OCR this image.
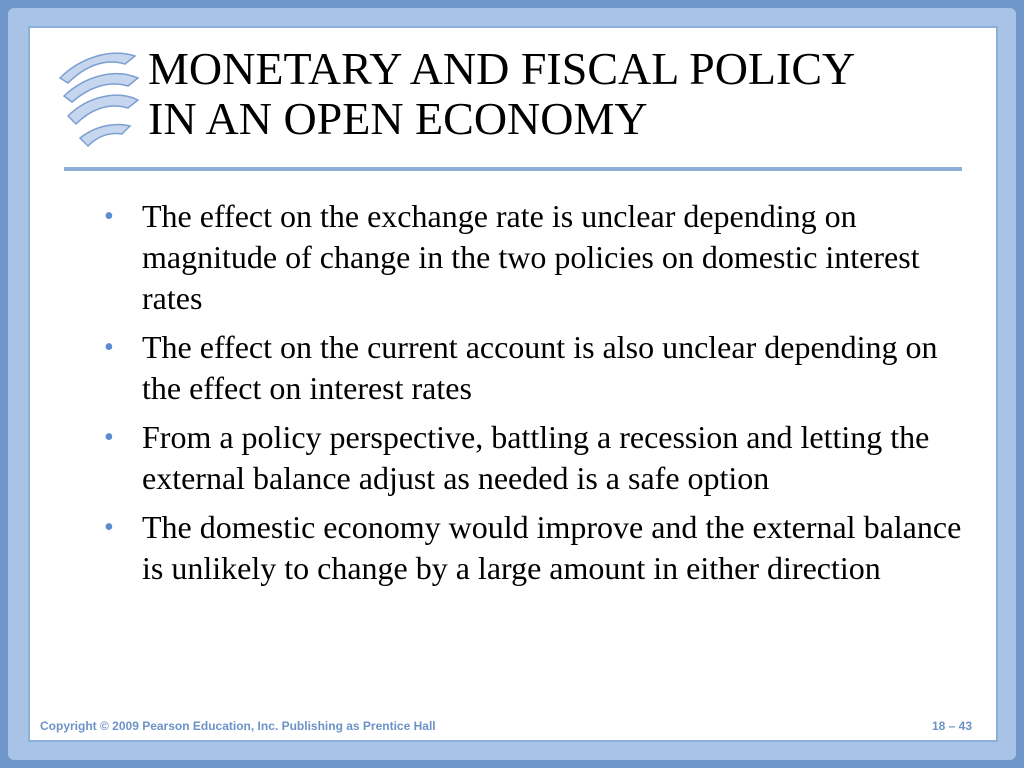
MONETARY AND FISCAL POLICY
IN AN OPEN ECONOMY
• The effect on the exchange rate is unclear depending on magnitude of change in the two policies on domestic interest rates
• The effect on the current account is also unclear depending on the effect on interest rates
• From a policy perspective, battling a recession and letting the external balance adjust as needed is a safe option
• The domestic economy would improve and the external balance is unlikely to change by a large amount in either direction
Copyright © 2009 Pearson Education, Inc. Publishing as Prentice Hall	18 – 43
